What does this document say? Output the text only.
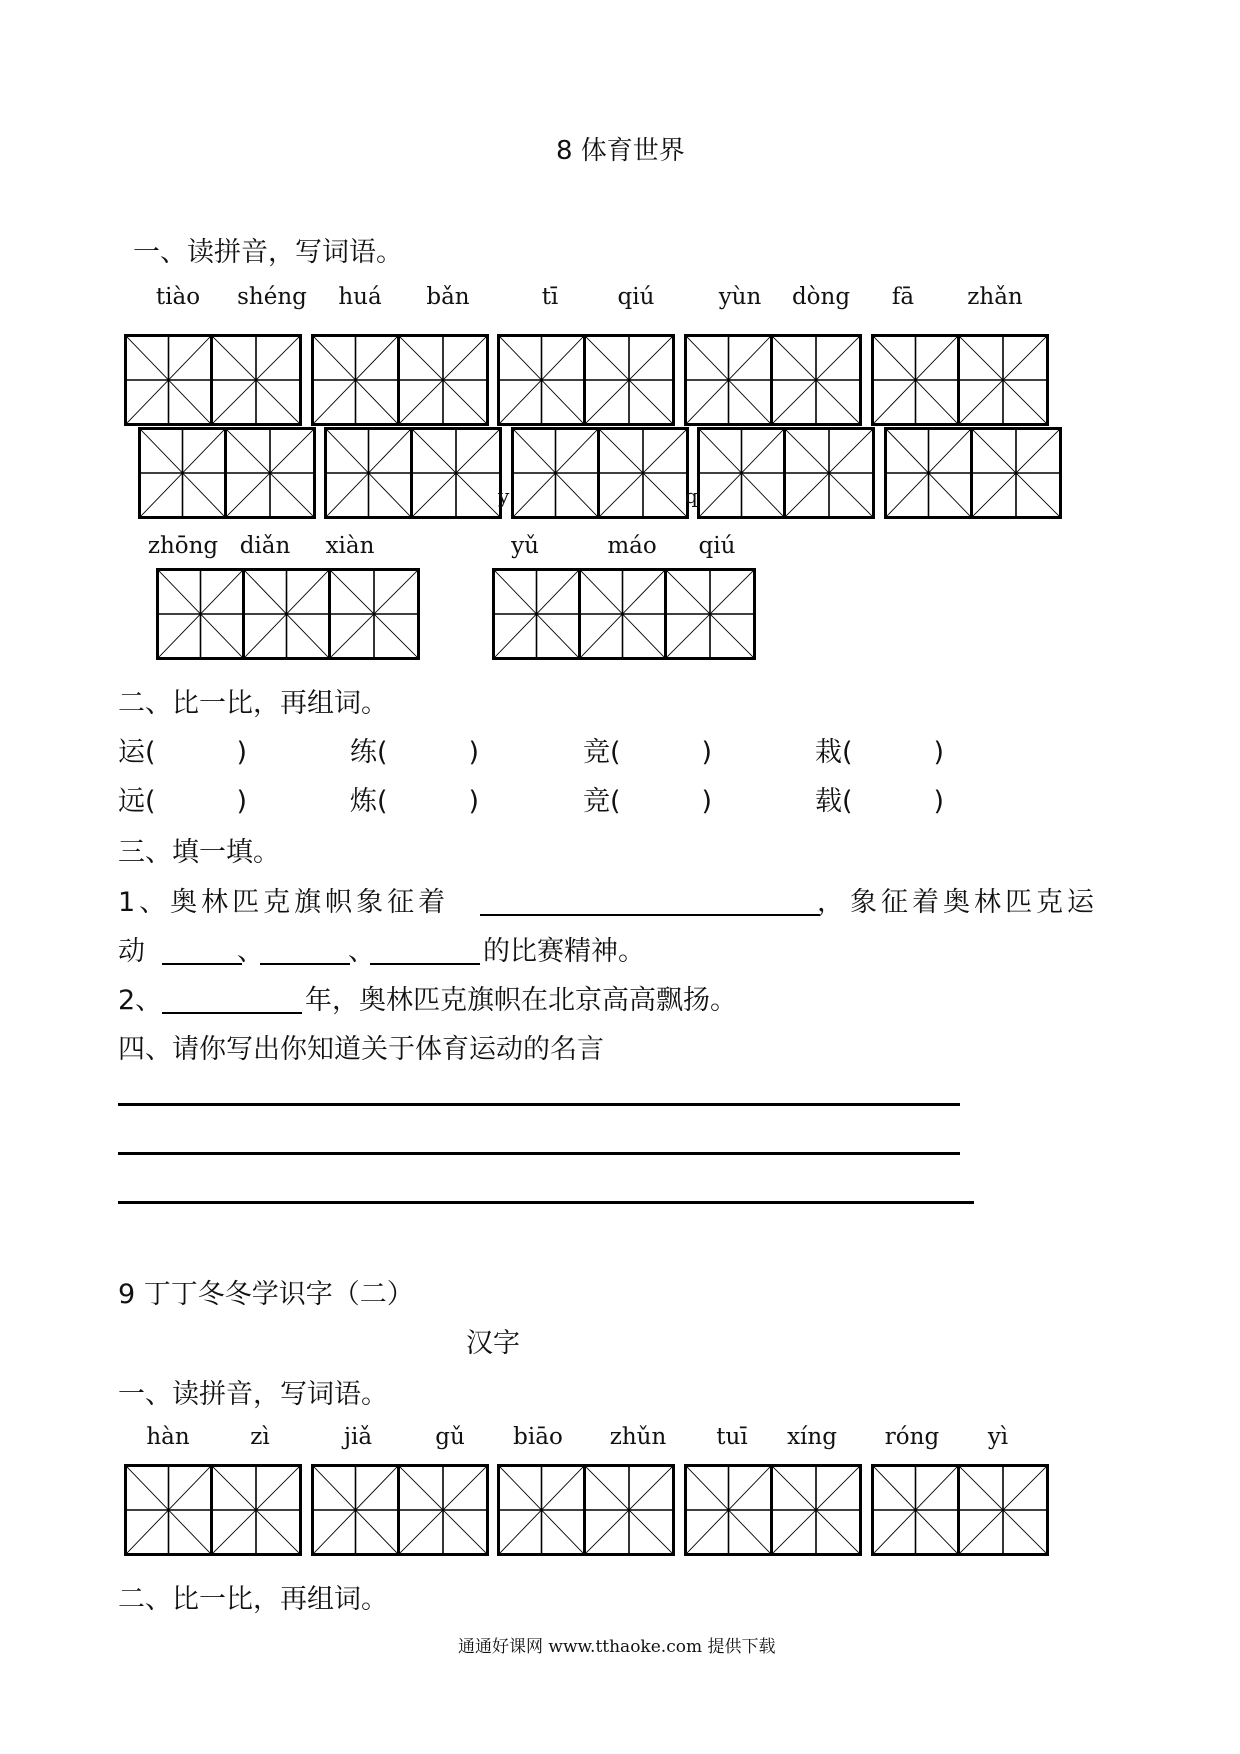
8 体育世界
一、读拼音，写词语。
tiào	shéng	huá	bǎn	tī	qiú	yùn	dòng	fā	zhǎn
y	q
zhōng diǎn	xiàn	yǔ	máo	qiú
二、比一比，再组词。
运(　　　)	练(　　　)	竞(　　　)	栽(　　　)
远(　　　)	炼(　　　)	竞(　　　)	载(　　　)
三、填一填。
1、奥林匹克旗帜象征着	， 象征着奥林匹克运
动	、	、	的比赛精神。
2、	年，奥林匹克旗帜在北京高高飘扬。
四、请你写出你知道关于体育运动的名言
9 丁丁冬冬学识字（二）
汉字
一、读拼音，写词语。
hàn	zì	jiǎ	gǔ	biāo	zhǔn	tuī	xíng	róng	yì
二、比一比，再组词。
通通好课网 www.tthaoke.com 提供下载
